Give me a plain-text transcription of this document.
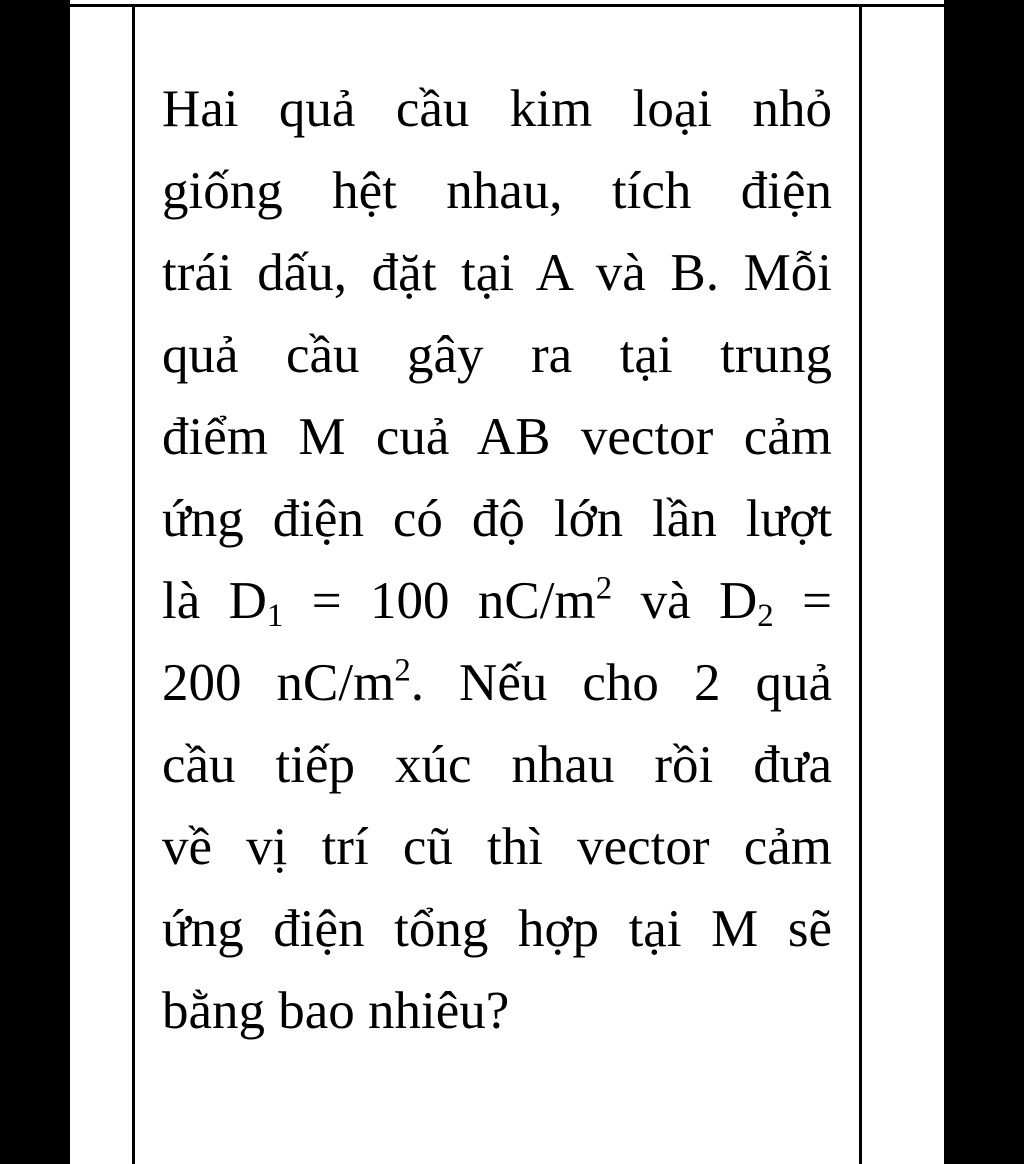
Hai quả cầu kim loại nhỏ
giống hệt nhau, tích điện
trái dấu, đặt tại A và B. Mỗi
quả cầu gây ra tại trung
điểm M cuả AB vector cảm
ứng điện có độ lớn lần lượt
là $D_1 = 100$ $nC/m^2$ và $D_2$ =
200 $nC/m^2$. Nếu cho 2 quả
cầu tiếp xúc nhau rồi đưa
về vị trí cũ thì vector cảm
ứng điện tổng hợp tại M sẽ
bằng bao nhiêu?
